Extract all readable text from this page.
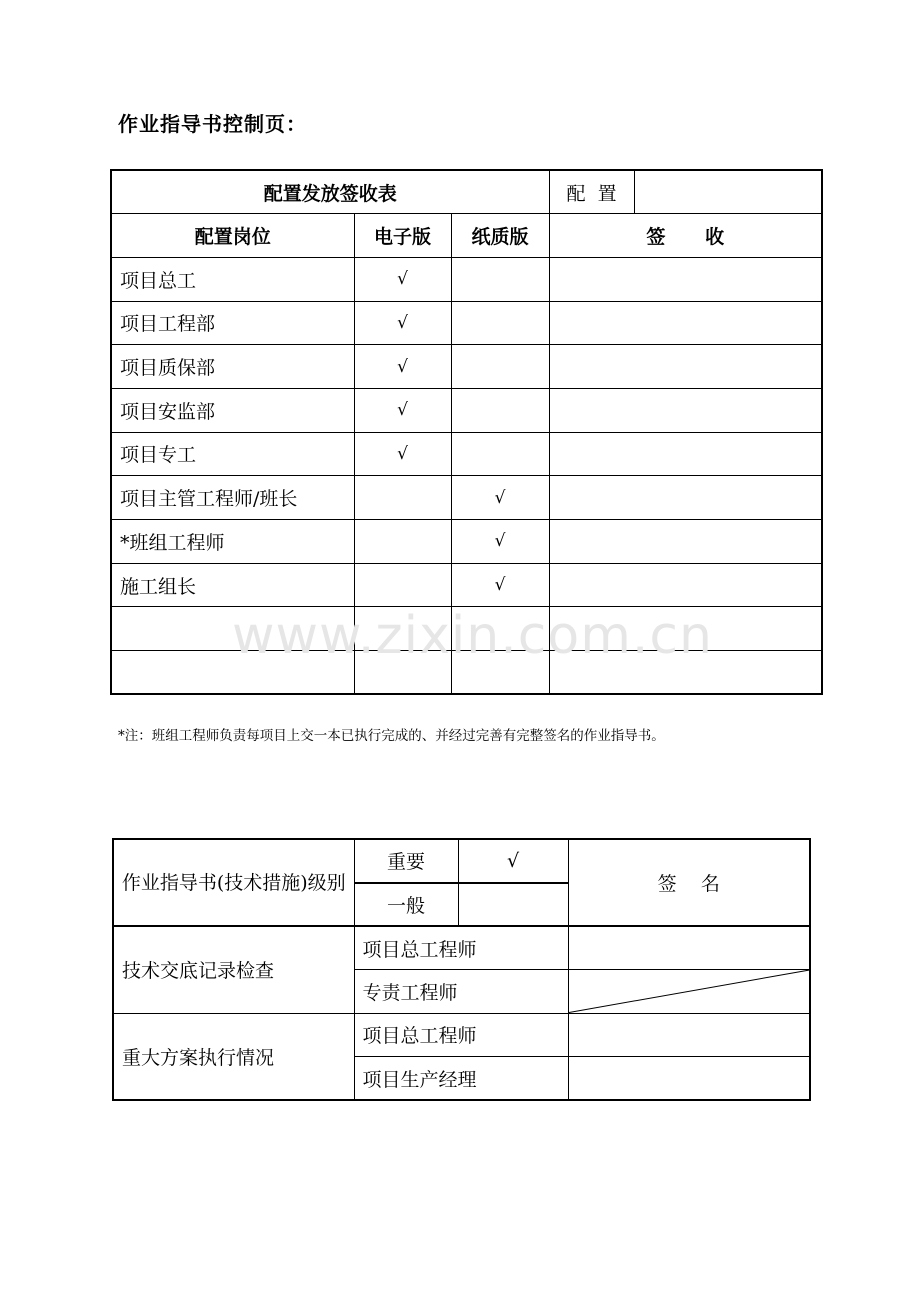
作业指导书控制页：
配置发放签收表			配  置	
配置岗位	电子版	纸质版	签      收	
项目总工	√			
项目工程部	√			
项目质保部	√			
项目安监部	√			
项目专工	√			
项目主管工程师/班长		√		
*班组工程师		√		
施工组长		√		

www.zixin.com.cn
*注：班组工程师负责每项目上交一本已执行完成的、并经过完善有完整签名的作业指导书。
作业指导书(技术措施)级别	重要	√	签    名
	一般		
技术交底记录检查	项目总工程师		
	专责工程师	

重大方案执行情况	项目总工程师		
	项目生产经理		
